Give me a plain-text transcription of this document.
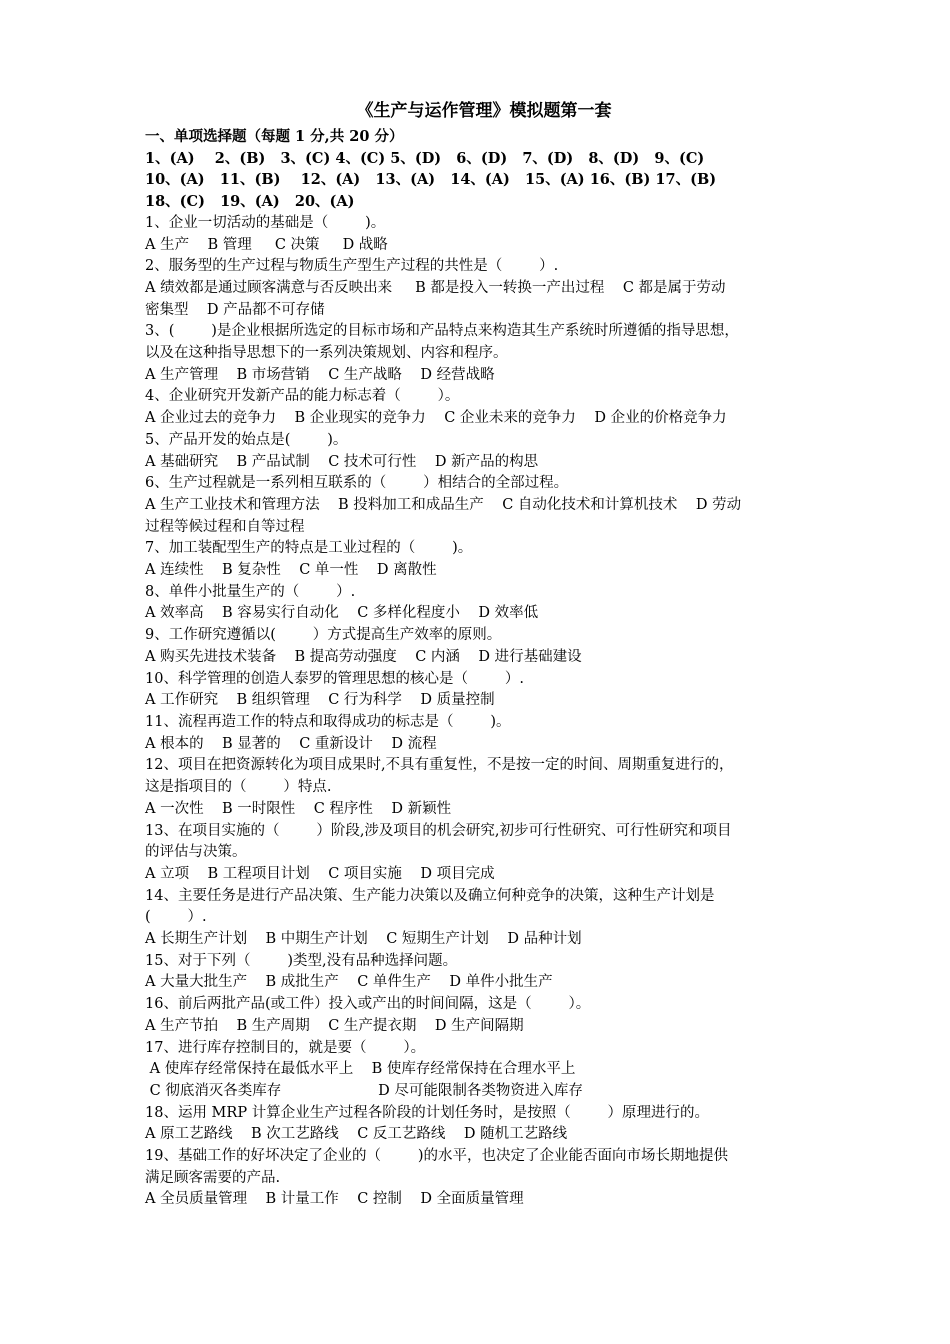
《生产与运作管理》模拟题第一套
一、单项选择题（每题 1 分,共 20 分）
1、(A)    2、(B)   3、(C) 4、(C) 5、(D)   6、(D)   7、(D)   8、(D)   9、(C)
10、(A)   11、(B)    12、(A)   13、(A)   14、(A)   15、(A) 16、(B) 17、(B)
18、(C)   19、(A)   20、(A)
1、企业一切活动的基础是（        )。
A 生产    B 管理     C 决策     D 战略
2、服务型的生产过程与物质生产型生产过程的共性是（        ）.
A 绩效都是通过顾客满意与否反映出来     B 都是投入一转换一产出过程    C 都是属于劳动
密集型    D 产品都不可存储
3、(        )是企业根据所选定的目标市场和产品特点来构造其生产系统时所遵循的指导思想，
以及在这种指导思想下的一系列决策规划、内容和程序。
A 生产管理    B 市场营销    C 生产战略    D 经营战略
4、企业研究开发新产品的能力标志着（        ）。
A 企业过去的竞争力    B 企业现实的竞争力    C 企业未来的竞争力    D 企业的价格竞争力
5、产品开发的始点是(        )。
A 基础研究    B 产品试制    C 技术可行性    D 新产品的构思
6、生产过程就是一系列相互联系的（        ）相结合的全部过程。
A 生产工业技术和管理方法    B 投料加工和成品生产    C 自动化技术和计算机技术    D 劳动
过程等候过程和自等过程
7、加工装配型生产的特点是工业过程的（        )。
A 连续性    B 复杂性    C 单一性    D 离散性
8、单件小批量生产的（        ）.
A 效率高    B 容易实行自动化    C 多样化程度小    D 效率低
9、工作研究遵循以(        ）方式提高生产效率的原则。
A 购买先进技术装备    B 提高劳动强度    C 内涵    D 进行基础建设
10、科学管理的创造人泰罗的管理思想的核心是（        ）.
A 工作研究    B 组织管理    C 行为科学    D 质量控制
11、流程再造工作的特点和取得成功的标志是（        )。
A 根本的    B 显著的    C 重新设计    D 流程
12、项目在把资源转化为项目成果时,不具有重复性，不是按一定的时间、周期重复进行的，
这是指项目的（        ）特点.
A 一次性    B 一时限性    C 程序性    D 新颖性
13、在项目实施的（        ）阶段,涉及项目的机会研究,初步可行性研究、可行性研究和项目
的评估与决策。
A 立项    B 工程项目计划    C 项目实施    D 项目完成
14、主要任务是进行产品决策、生产能力决策以及确立何种竞争的决策，这种生产计划是
(        ）.
A 长期生产计划    B 中期生产计划    C 短期生产计划    D 品种计划
15、对于下列（        )类型,没有品种选择问题。
A 大量大批生产    B 成批生产    C 单件生产    D 单件小批生产
16、前后两批产品(或工件）投入或产出的时间间隔，这是（        ）。
A 生产节拍    B 生产周期    C 生产提衣期    D 生产间隔期
17、进行库存控制目的，就是要（        ）。
A 使库存经常保持在最低水平上    B 使库存经常保持在合理水平上
C 彻底消灭各类库存                     D 尽可能限制各类物资进入库存
18、运用 MRP 计算企业生产过程各阶段的计划任务时，是按照（        ）原理进行的。
A 原工艺路线    B 次工艺路线    C 反工艺路线    D 随机工艺路线
19、基础工作的好坏决定了企业的（        )的水平，也决定了企业能否面向市场长期地提供
满足顾客需要的产品.
A 全员质量管理    B 计量工作    C 控制    D 全面质量管理
